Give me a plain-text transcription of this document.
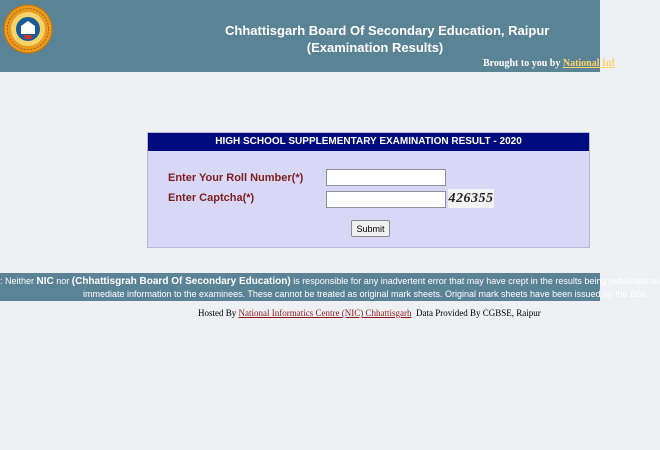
Chhattisgarh Board Of Secondary Education, Raipur
(Examination Results)
Brought to you by National Inf
HIGH SCHOOL SUPPLEMENTARY EXAMINATION RESULT - 2020
Enter Your Roll Number(*)
Enter Captcha(*)	426355
Submit
: Neither NIC nor (Chhattisgrah Board Of Secondary Education) is responsible for any inadvertent error that may have crept in the results being published on
immediate information to the examinees. These cannot be treated as original mark sheets. Original mark sheets have been issued by the Boa
Hosted By National Informatics Centre (NIC) Chhattisgarh  Data Provided By CGBSE, Raipur
